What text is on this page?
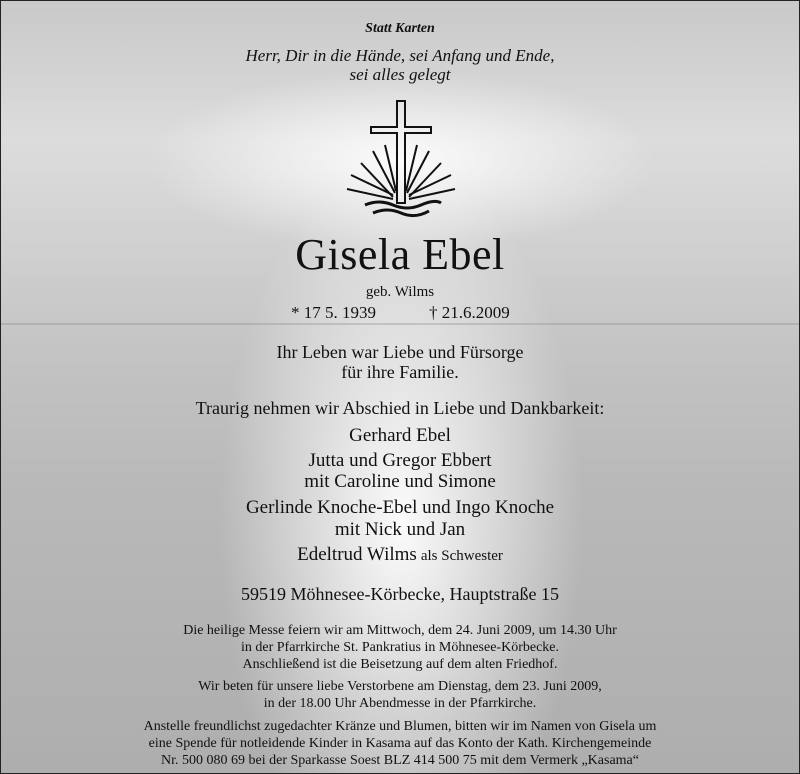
Statt Karten
Herr, Dir in die Hände, sei Anfang und Ende,
sei alles gelegt
Gisela Ebel
geb. Wilms
* 17 5. 1939	† 21.6.2009
Ihr Leben war Liebe und Fürsorge
für ihre Familie.
Traurig nehmen wir Abschied in Liebe und Dankbarkeit:
Gerhard Ebel
Jutta und Gregor Ebbert
mit Caroline und Simone
Gerlinde Knoche-Ebel und Ingo Knoche
mit Nick und Jan
Edeltrud Wilms als Schwester
59519 Möhnesee-Körbecke, Hauptstraße 15
Die heilige Messe feiern wir am Mittwoch, dem 24. Juni 2009, um 14.30 Uhr
in der Pfarrkirche St. Pankratius in Möhnesee-Körbecke.
Anschließend ist die Beisetzung auf dem alten Friedhof.
Wir beten für unsere liebe Verstorbene am Dienstag, dem 23. Juni 2009,
in der 18.00 Uhr Abendmesse in der Pfarrkirche.
Anstelle freundlichst zugedachter Kränze und Blumen, bitten wir im Namen von Gisela um
eine Spende für notleidende Kinder in Kasama auf das Konto der Kath. Kirchengemeinde
Nr. 500 080 69 bei der Sparkasse Soest BLZ 414 500 75 mit dem Vermerk „Kasama“
